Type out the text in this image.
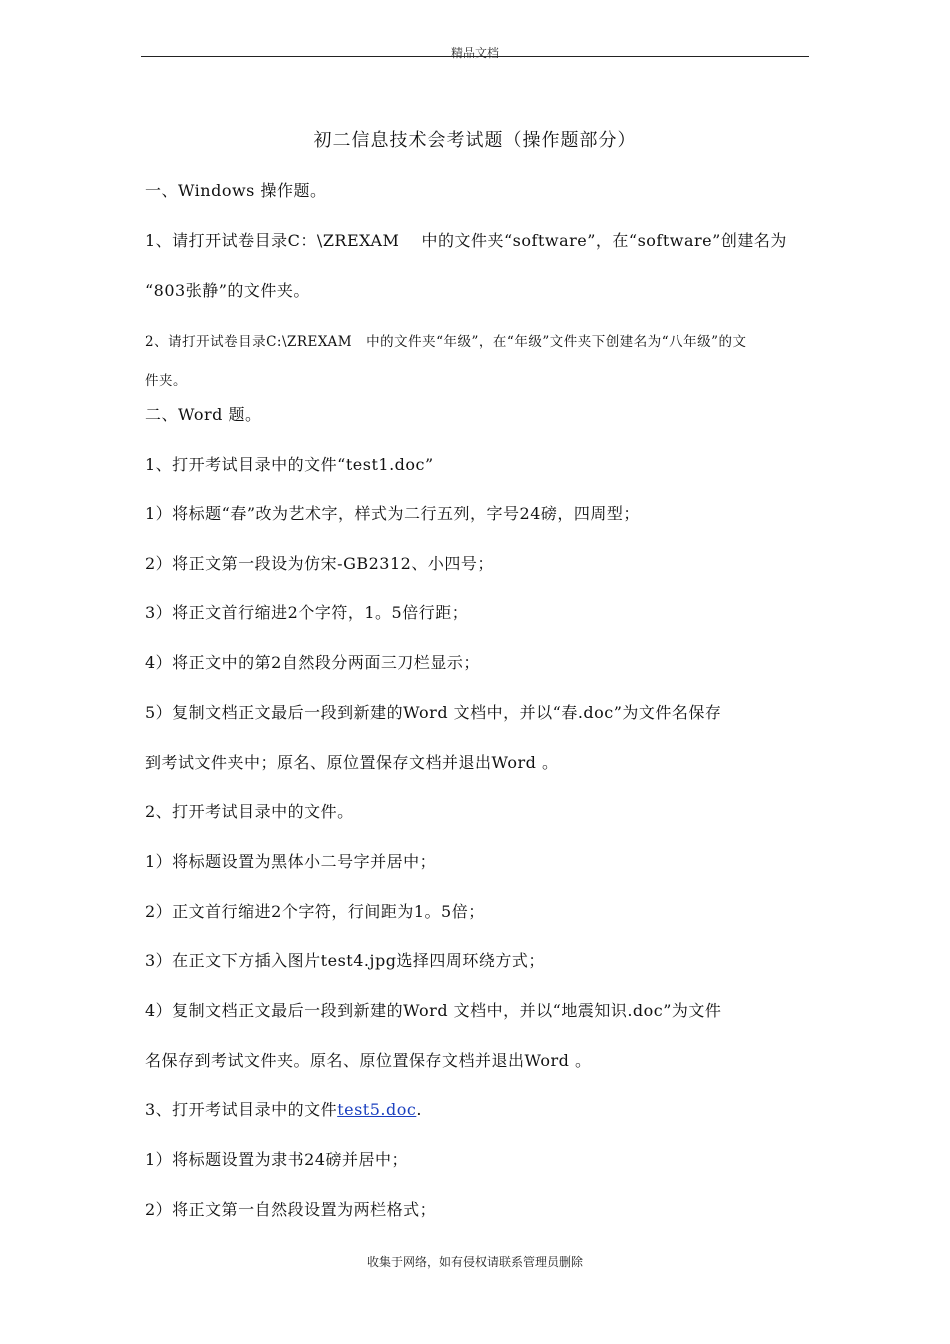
精品文档
初二信息技术会考试题（操作题部分）
一、Windows 操作题。
1、请打开试卷目录C：\ZREXAM　 中的文件夹“software”，在“software”创建名为
“803张静”的文件夹。
2、请打开试卷目录C:\ZREXAM　中的文件夹“年级”，在“年级”文件夹下创建名为“八年级”的文
件夹。
二、Word 题。
1、打开考试目录中的文件“test1.doc”
1）将标题“春”改为艺术字，样式为二行五列，字号24磅，四周型；
2）将正文第一段设为仿宋-GB2312、小四号；
3）将正文首行缩进2个字符，1。5倍行距；
4）将正文中的第2自然段分两面三刀栏显示；
5）复制文档正文最后一段到新建的Word 文档中，并以“春.doc”为文件名保存
到考试文件夹中；原名、原位置保存文档并退出Word 。
2、打开考试目录中的文件。
1）将标题设置为黑体小二号字并居中；
2）正文首行缩进2个字符，行间距为1。5倍；
3）在正文下方插入图片test4.jpg选择四周环绕方式；
4）复制文档正文最后一段到新建的Word 文档中，并以“地震知识.doc”为文件
名保存到考试文件夹。原名、原位置保存文档并退出Word 。
3、打开考试目录中的文件test5.doc.
1）将标题设置为隶书24磅并居中；
2）将正文第一自然段设置为两栏格式；
收集于网络，如有侵权请联系管理员删除
